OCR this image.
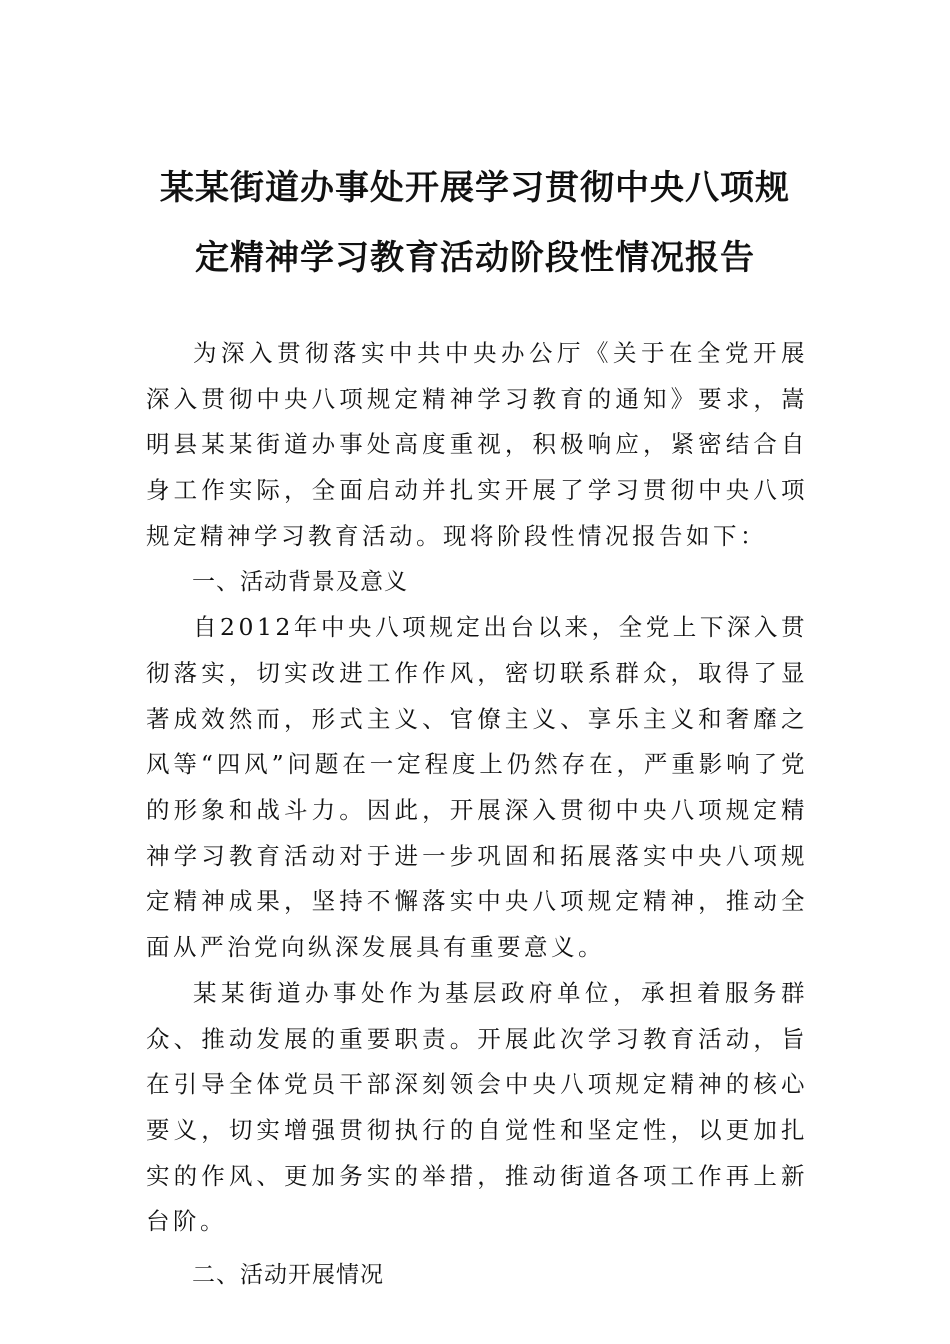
某某街道办事处开展学习贯彻中央八项规
定精神学习教育活动阶段性情况报告

为深入贯彻落实中共中央办公厅《关于在全党开展深入贯彻中央八项规定精神学习教育的通知》要求，嵩明县某某街道办事处高度重视，积极响应，紧密结合自身工作实际，全面启动并扎实开展了学习贯彻中央八项规定精神学习教育活动。现将阶段性情况报告如下：

一、活动背景及意义

自2012年中央八项规定出台以来，全党上下深入贯彻落实，切实改进工作作风，密切联系群众，取得了显著成效然而，形式主义、官僚主义、享乐主义和奢靡之风等“四风”问题在一定程度上仍然存在，严重影响了党的形象和战斗力。因此，开展深入贯彻中央八项规定精神学习教育活动对于进一步巩固和拓展落实中央八项规定精神成果，坚持不懈落实中央八项规定精神，推动全面从严治党向纵深发展具有重要意义。

某某街道办事处作为基层政府单位，承担着服务群众、推动发展的重要职责。开展此次学习教育活动，旨在引导全体党员干部深刻领会中央八项规定精神的核心要义，切实增强贯彻执行的自觉性和坚定性，以更加扎实的作风、更加务实的举措，推动街道各项工作再上新台阶。

二、活动开展情况
